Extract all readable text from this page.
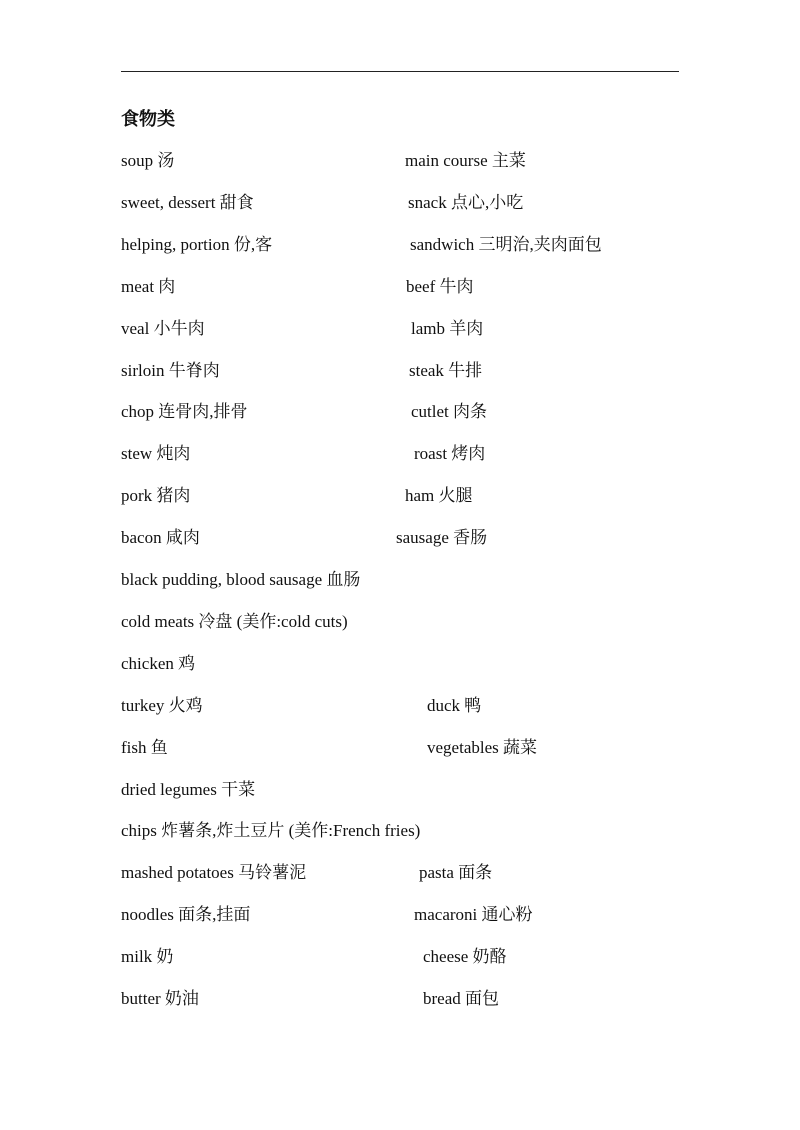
食物类
soup 汤	main course 主菜
sweet, dessert 甜食	snack 点心,小吃
helping, portion 份,客	sandwich 三明治,夹肉面包
meat 肉	beef 牛肉
veal 小牛肉	lamb 羊肉
sirloin 牛脊肉	steak 牛排
chop 连骨肉,排骨	cutlet 肉条
stew 炖肉	roast 烤肉
pork 猪肉	ham 火腿
bacon 咸肉	sausage 香肠
black pudding, blood sausage 血肠
cold meats 冷盘 (美作:cold cuts)
chicken 鸡
turkey 火鸡	duck 鸭
fish 鱼	vegetables 蔬菜
dried legumes 干菜
chips 炸薯条,炸土豆片 (美作:French fries)
mashed potatoes 马铃薯泥	pasta 面条
noodles 面条,挂面	macaroni 通心粉
milk 奶	cheese 奶酪
butter 奶油	bread 面包
